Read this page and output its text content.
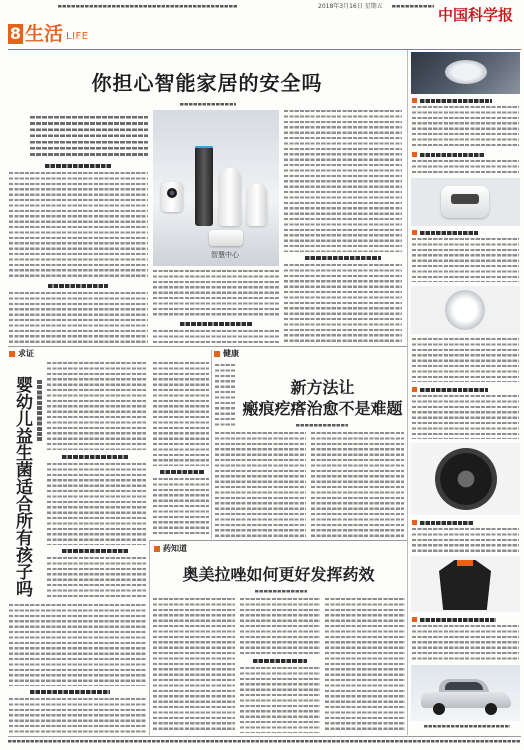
2018年3月16日 星期五	中国科学报
8 生活 LIFE
你担心智能家居的安全吗
智慧中心
求证
婴幼儿益生菌适合所有孩子吗
健康
新方法让
瘢痕疙瘩治愈不是难题
药知道
奥美拉唑如何更好发挥药效
